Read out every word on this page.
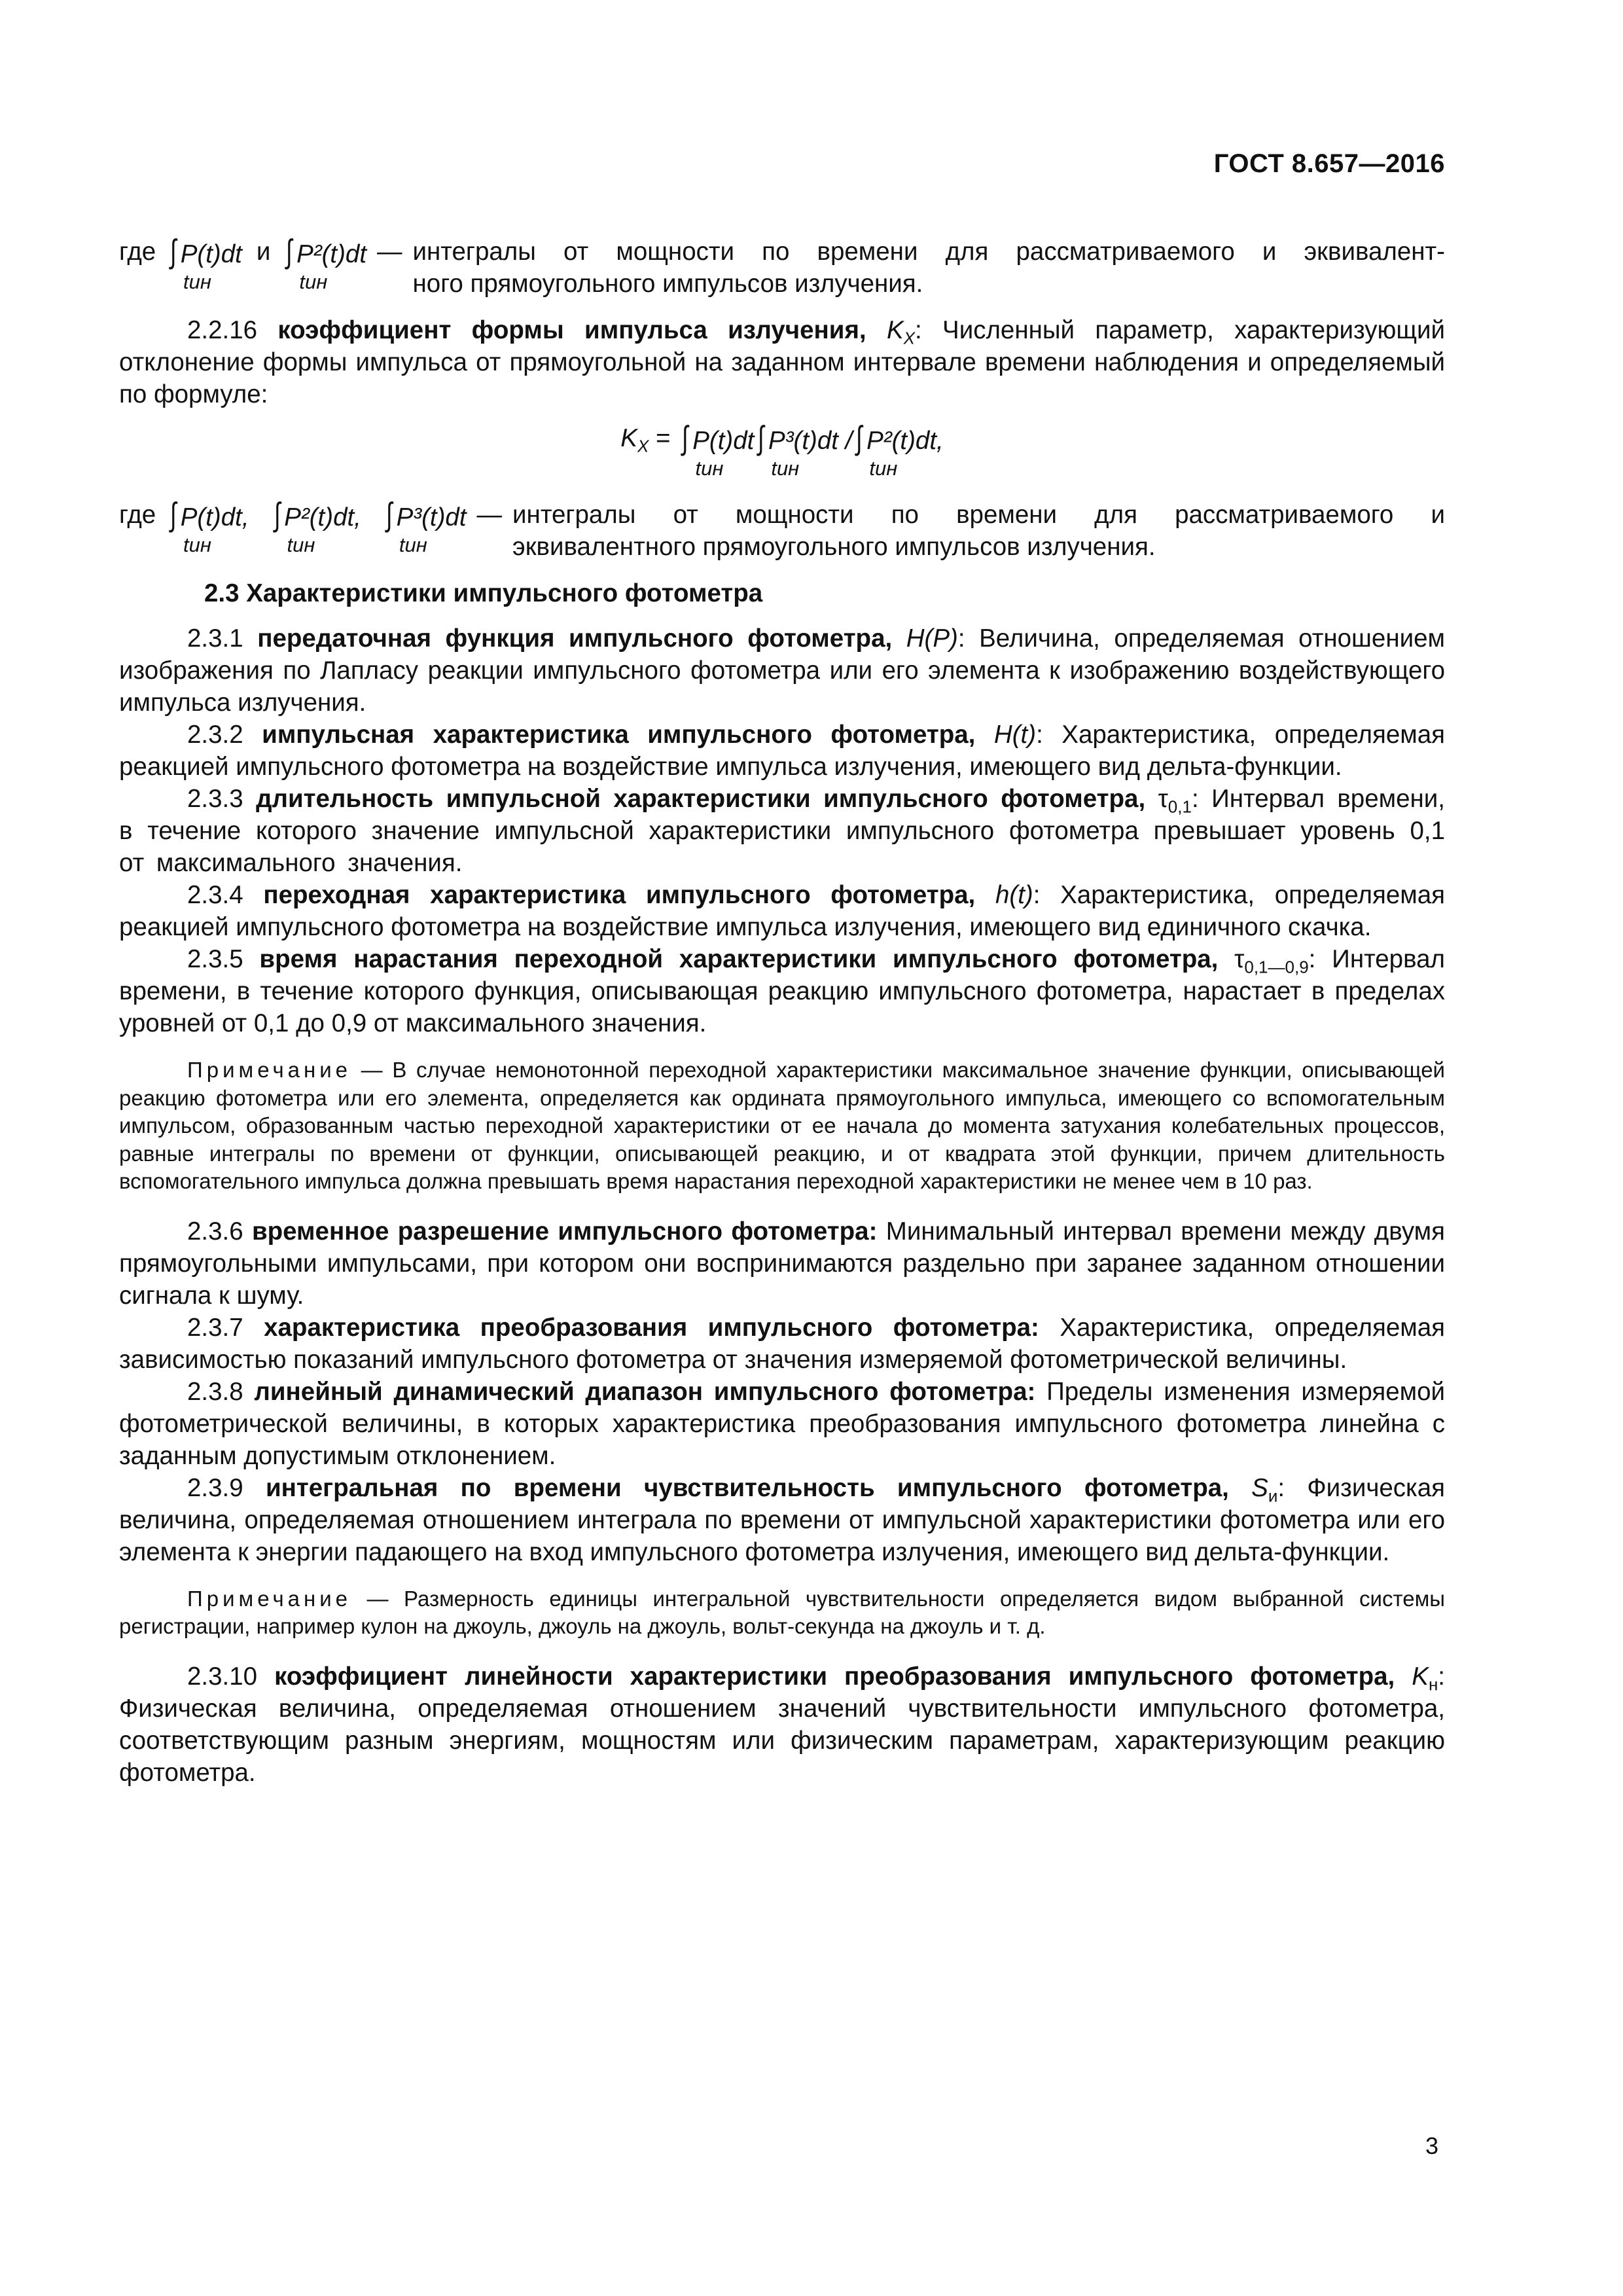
ГОСТ 8.657—2016
где ∫ P(t)dt
tин
и ∫ P²(t)dt
tин
— интегралы от мощности по времени для рассматриваемого и эквивалент-

ного прямоугольного импульсов излучения.

2.2.16 коэффициент формы импульса излучения, $K_X$: Численный параметр, характеризующий отклонение формы импульса от прямоугольной на заданном интервале времени наблюдения и определяемый по формуле:

$K_X$ = ∫ P(t)dt
tин
∫ P³(t)dt /
tин
∫ P²(t)dt,
tин
где ∫ P(t)dt,
tин
∫ P²(t)dt,
tин
∫ P³(t)dt
tин
— интегралы от мощности по времени для рассматриваемого и

эквивалентного прямоугольного импульсов излучения.

2.3 Характеристики импульсного фотометра

2.3.1 передаточная функция импульсного фотометра, H(P): Величина, определяемая отношением изображения по Лапласу реакции импульсного фотометра или его элемента к изображению воздействующего импульса излучения.

2.3.2 импульсная характеристика импульсного фотометра, H(t): Характеристика, определяемая реакцией импульсного фотометра на воздействие импульса излучения, имеющего вид дельта-функции.

2.3.3 длительность импульсной характеристики импульсного фотометра, $\tau_{0,1}$: Интервал времени, в течение которого значение импульсной характеристики импульсного фотометра превышает уровень 0,1 от максимального значения.

2.3.4 переходная характеристика импульсного фотометра, h(t): Характеристика, определяемая реакцией импульсного фотометра на воздействие импульса излучения, имеющего вид единичного скачка.

2.3.5 время нарастания переходной характеристики импульсного фотометра, $\tau_{0,1—0,9}$: Интервал времени, в течение которого функция, описывающая реакцию импульсного фотометра, нарастает в пределах уровней от 0,1 до 0,9 от максимального значения.

Примечание — В случае немонотонной переходной характеристики максимальное значение функции, описывающей реакцию фотометра или его элемента, определяется как ордината прямоугольного импульса, имеющего со вспомогательным импульсом, образованным частью переходной характеристики от ее начала до момента затухания колебательных процессов, равные интегралы по времени от функции, описывающей реакцию, и от квадрата этой функции, причем длительность вспомогательного импульса должна превышать время нарастания переходной характеристики не менее чем в 10 раз.

2.3.6 временное разрешение импульсного фотометра: Минимальный интервал времени между двумя прямоугольными импульсами, при котором они воспринимаются раздельно при заранее заданном отношении сигнала к шуму.

2.3.7 характеристика преобразования импульсного фотометра: Характеристика, определяемая зависимостью показаний импульсного фотометра от значения измеряемой фотометрической величины.

2.3.8 линейный динамический диапазон импульсного фотометра: Пределы изменения измеряемой фотометрической величины, в которых характеристика преобразования импульсного фотометра линейна с заданным допустимым отклонением.

2.3.9 интегральная по времени чувствительность импульсного фотометра, $S_и$: Физическая величина, определяемая отношением интеграла по времени от импульсной характеристики фотометра или его элемента к энергии падающего на вход импульсного фотометра излучения, имеющего вид дельта-функции.

Примечание — Размерность единицы интегральной чувствительности определяется видом выбранной системы регистрации, например кулон на джоуль, джоуль на джоуль, вольт-секунда на джоуль и т. д.

2.3.10 коэффициент линейности характеристики преобразования импульсного фотометра, $K_н$: Физическая величина, определяемая отношением значений чувствительности импульсного фотометра, соответствующим разным энергиям, мощностям или физическим параметрам, характеризующим реакцию фотометра.

3
